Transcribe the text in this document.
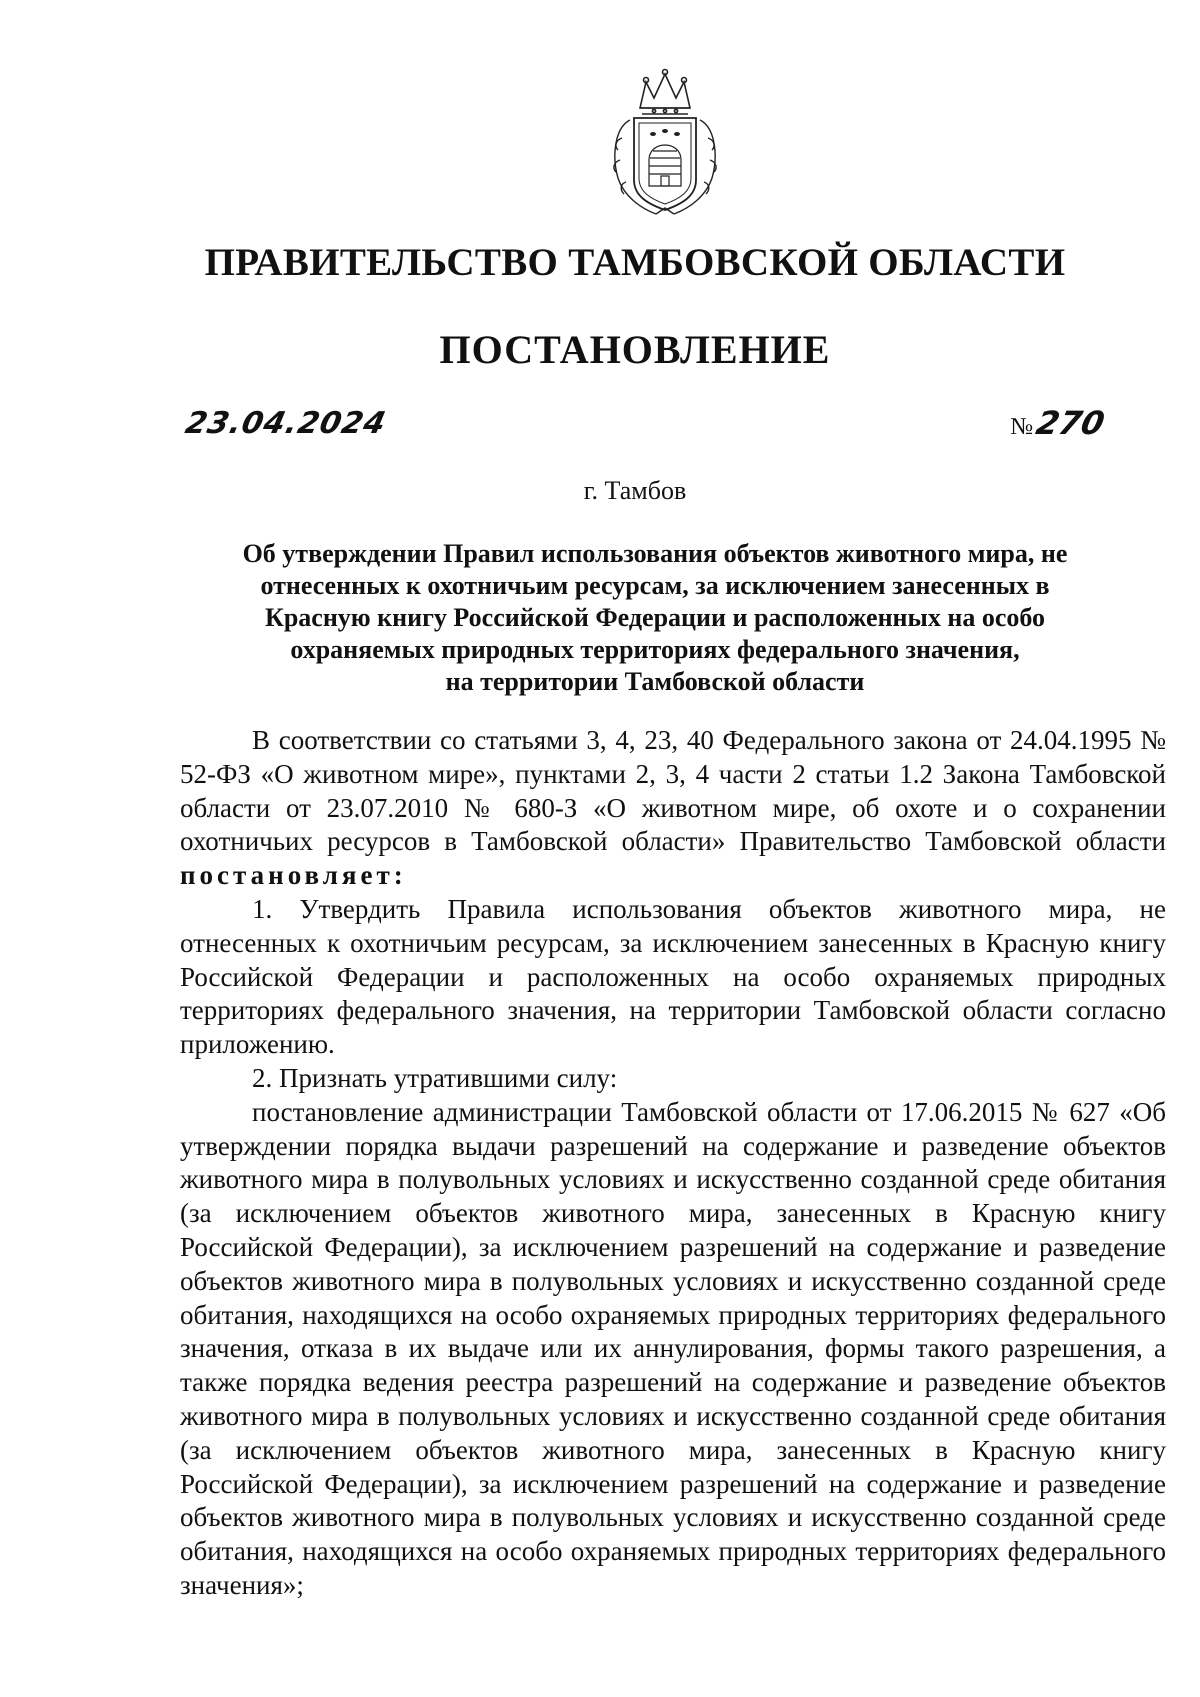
ПРАВИТЕЛЬСТВО ТАМБОВСКОЙ ОБЛАСТИ
ПОСТАНОВЛЕНИЕ
23.04.2024	№270
г. Тамбов
Об утверждении Правил использования объектов животного мира, не
отнесенных к охотничьим ресурсам, за исключением занесенных в
Красную книгу Российской Федерации и расположенных на особо
охраняемых природных территориях федерального значения,
на территории Тамбовской области

В соответствии со статьями 3, 4, 23, 40 Федерального закона от 24.04.1995 № 52-ФЗ «О животном мире», пунктами 2, 3, 4 части 2 статьи 1.2 Закона Тамбовской области от 23.07.2010 № 680-З «О животном мире, об охоте и о сохранении охотничьих ресурсов в Тамбовской области» Правительство Тамбовской области постановляет:

1. Утвердить Правила использования объектов животного мира, не отнесенных к охотничьим ресурсам, за исключением занесенных в Красную книгу Российской Федерации и расположенных на особо охраняемых природных территориях федерального значения, на территории Тамбовской области согласно приложению.

2. Признать утратившими силу:

постановление администрации Тамбовской области от 17.06.2015 № 627 «Об утверждении порядка выдачи разрешений на содержание и разведение объектов животного мира в полувольных условиях и искусственно созданной среде обитания (за исключением объектов животного мира, занесенных в Красную книгу Российской Федерации), за исключением разрешений на содержание и разведение объектов животного мира в полувольных условиях и искусственно созданной среде обитания, находящихся на особо охраняемых природных территориях федерального значения, отказа в их выдаче или их аннулирования, формы такого разрешения, а также порядка ведения реестра разрешений на содержание и разведение объектов животного мира в полувольных условиях и искусственно созданной среде обитания (за исключением объектов животного мира, занесенных в Красную книгу Российской Федерации), за исключением разрешений на содержание и разведение объектов животного мира в полувольных условиях и искусственно созданной среде обитания, находящихся на особо охраняемых природных территориях федерального значения»;
